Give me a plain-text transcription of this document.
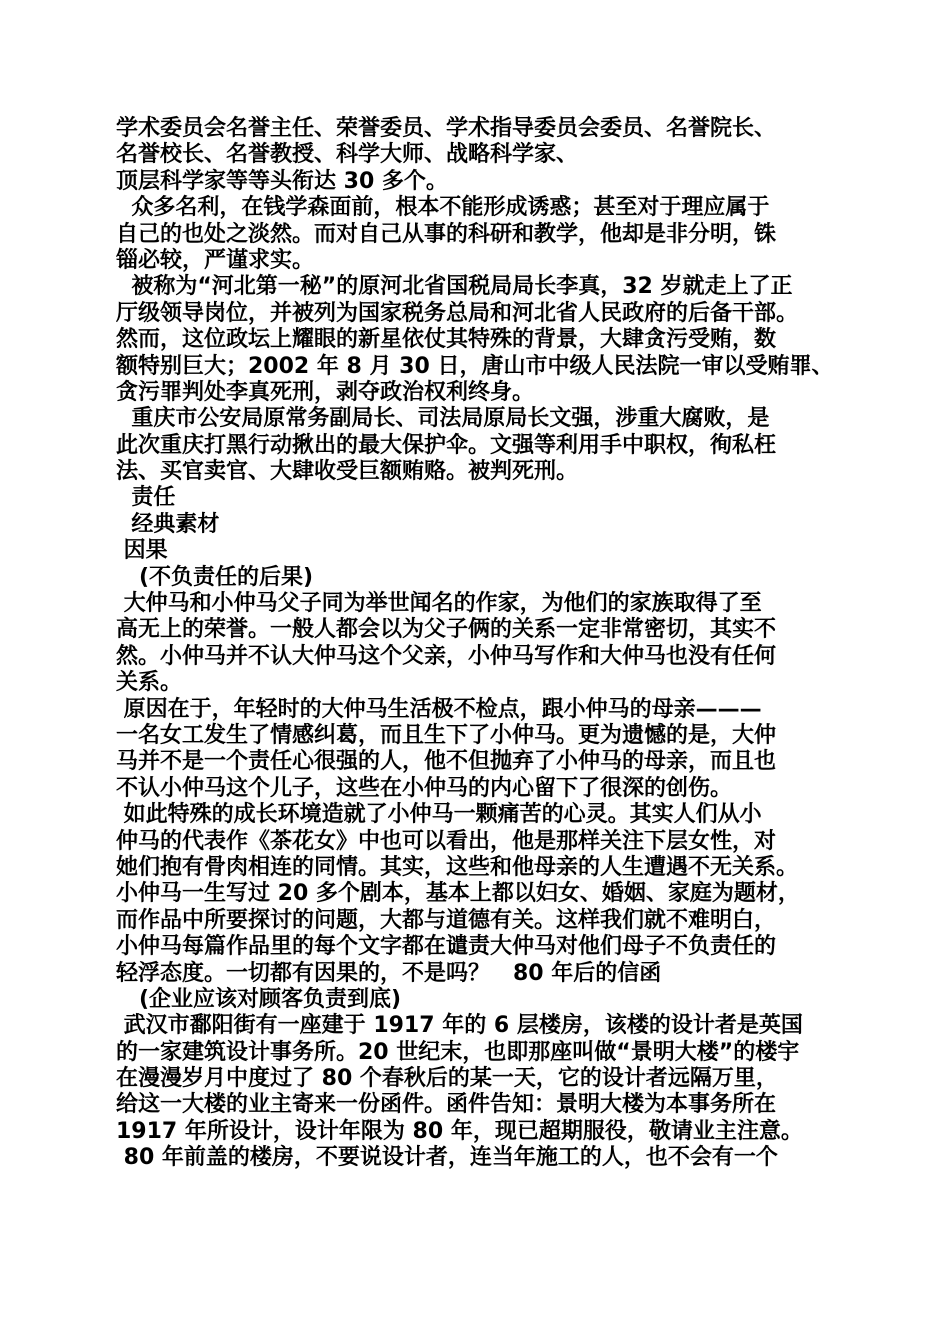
学术委员会名誉主任、荣誉委员、学术指导委员会委员、名誉院长、
名誉校长、名誉教授、科学大师、战略科学家、
顶层科学家等等头衔达 30 多个。
众多名利，在钱学森面前，根本不能形成诱惑；甚至对于理应属于
自己的也处之淡然。而对自己从事的科研和教学，他却是非分明，铢
锱必较，严谨求实。
被称为“河北第一秘”的原河北省国税局局长李真，32 岁就走上了正
厅级领导岗位，并被列为国家税务总局和河北省人民政府的后备干部。
然而，这位政坛上耀眼的新星依仗其特殊的背景，大肆贪污受贿，数
额特别巨大；2002 年 8 月 30 日，唐山市中级人民法院一审以受贿罪、
贪污罪判处李真死刑，剥夺政治权利终身。
重庆市公安局原常务副局长、司法局原局长文强，涉重大腐败，是
此次重庆打黑行动揪出的最大保护伞。文强等利用手中职权，徇私枉
法、买官卖官、大肆收受巨额贿赂。被判死刑。
责任
经典素材
因果
(不负责任的后果)
大仲马和小仲马父子同为举世闻名的作家，为他们的家族取得了至
高无上的荣誉。一般人都会以为父子俩的关系一定非常密切，其实不
然。小仲马并不认大仲马这个父亲，小仲马写作和大仲马也没有任何
关系。
原因在于，年轻时的大仲马生活极不检点，跟小仲马的母亲———
一名女工发生了情感纠葛，而且生下了小仲马。更为遗憾的是，大仲
马并不是一个责任心很强的人，他不但抛弃了小仲马的母亲，而且也
不认小仲马这个儿子，这些在小仲马的内心留下了很深的创伤。
如此特殊的成长环境造就了小仲马一颗痛苦的心灵。其实人们从小
仲马的代表作《茶花女》中也可以看出，他是那样关注下层女性，对
她们抱有骨肉相连的同情。其实，这些和他母亲的人生遭遇不无关系。
小仲马一生写过 20 多个剧本，基本上都以妇女、婚姻、家庭为题材，
而作品中所要探讨的问题，大都与道德有关。这样我们就不难明白，
小仲马每篇作品里的每个文字都在谴责大仲马对他们母子不负责任的
轻浮态度。一切都有因果的，不是吗？   80 年后的信函
(企业应该对顾客负责到底)
武汉市鄱阳街有一座建于 1917 年的 6 层楼房，该楼的设计者是英国
的一家建筑设计事务所。20 世纪末，也即那座叫做“景明大楼”的楼宇
在漫漫岁月中度过了 80 个春秋后的某一天，它的设计者远隔万里，
给这一大楼的业主寄来一份函件。函件告知：景明大楼为本事务所在
1917 年所设计，设计年限为 80 年，现已超期服役，敬请业主注意。
80 年前盖的楼房，不要说设计者，连当年施工的人，也不会有一个
